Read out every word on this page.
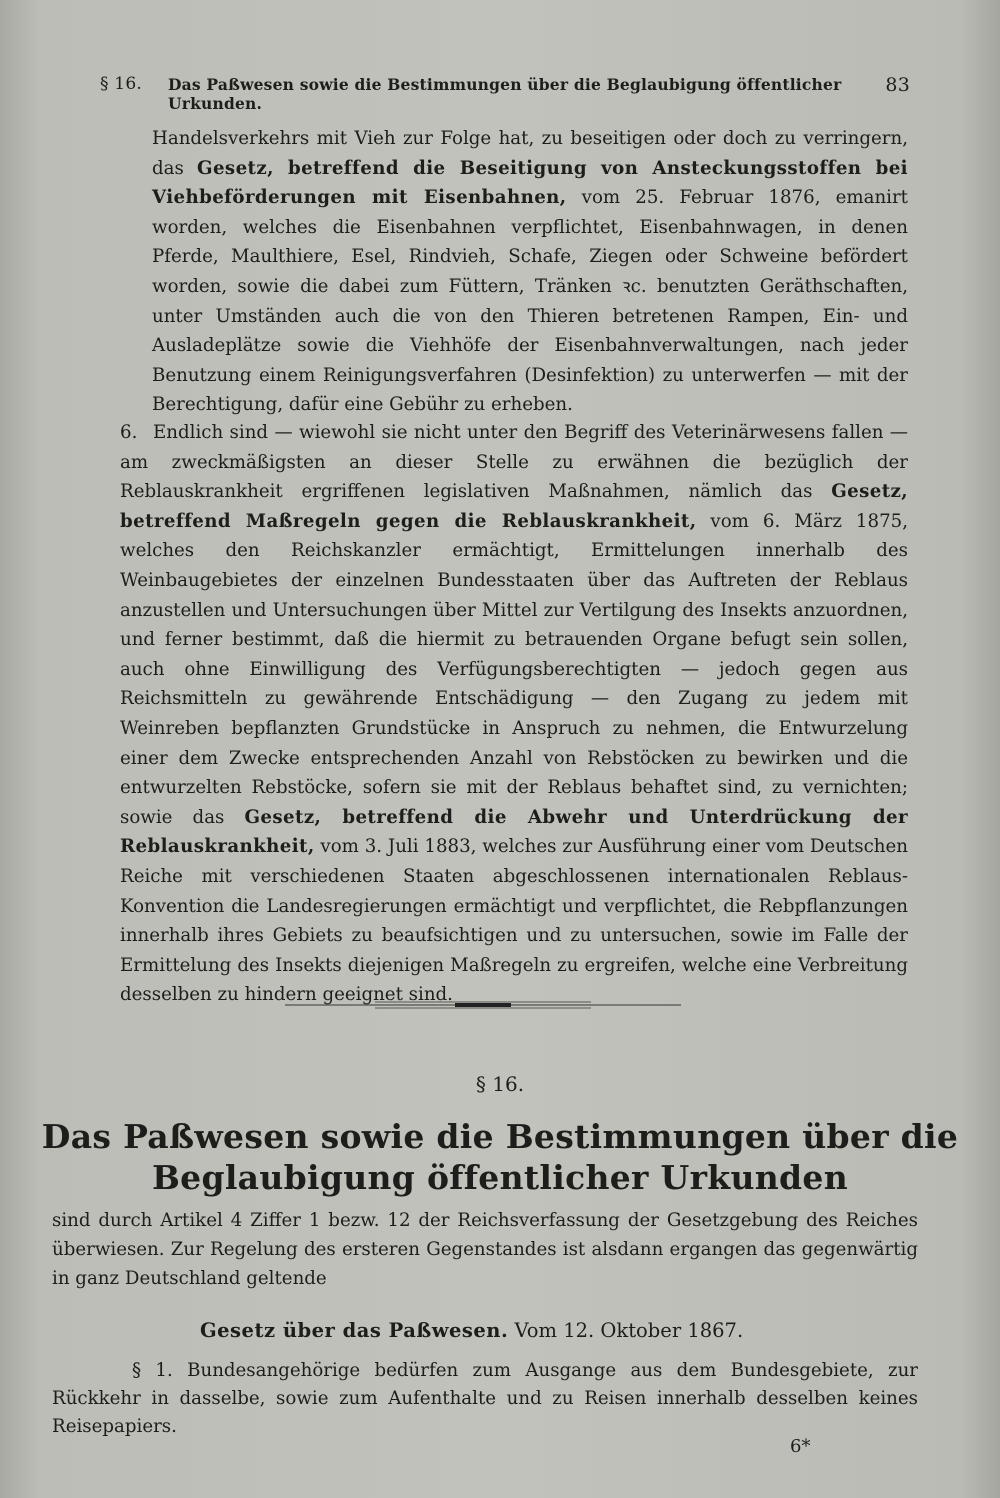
§ 16. Das Paßwesen sowie die Bestimmungen über die Beglaubigung öffentlicher Urkunden.
83
Handelsverkehrs mit Vieh zur Folge hat, zu beseitigen oder doch zu verringern, das Gesetz, betreffend die Beseitigung von Ansteckungsstoffen bei Viehbeförderungen mit Eisenbahnen, vom 25. Februar 1876, emanirt worden, welches die Eisenbahnen verpflichtet, Eisenbahnwagen, in denen Pferde, Maulthiere, Esel, Rindvieh, Schafe, Ziegen oder Schweine befördert worden, sowie die dabei zum Füttern, Tränken ꝛc. benutzten Geräthschaften, unter Umständen auch die von den Thieren betretenen Rampen, Ein- und Ausladeplätze sowie die Viehhöfe der Eisenbahnverwaltungen, nach jeder Benutzung einem Reinigungsverfahren (Desinfektion) zu unterwerfen — mit der Berechtigung, dafür eine Gebühr zu erheben.
6. Endlich sind — wiewohl sie nicht unter den Begriff des Veterinärwesens fallen — am zweckmäßigsten an dieser Stelle zu erwähnen die bezüglich der Reblauskrankheit ergriffenen legislativen Maßnahmen, nämlich das Gesetz, betreffend Maßregeln gegen die Reblauskrankheit, vom 6. März 1875, welches den Reichskanzler ermächtigt, Ermittelungen innerhalb des Weinbaugebietes der einzelnen Bundesstaaten über das Auftreten der Reblaus anzustellen und Untersuchungen über Mittel zur Vertilgung des Insekts anzuordnen, und ferner bestimmt, daß die hiermit zu betrauenden Organe befugt sein sollen, auch ohne Einwilligung des Verfügungsberechtigten — jedoch gegen aus Reichsmitteln zu gewährende Entschädigung — den Zugang zu jedem mit Weinreben bepflanzten Grundstücke in Anspruch zu nehmen, die Entwurzelung einer dem Zwecke entsprechenden Anzahl von Rebstöcken zu bewirken und die entwurzelten Rebstöcke, sofern sie mit der Reblaus behaftet sind, zu vernichten; sowie das Gesetz, betreffend die Abwehr und Unterdrückung der Reblauskrankheit, vom 3. Juli 1883, welches zur Ausführung einer vom Deutschen Reiche mit verschiedenen Staaten abgeschlossenen internationalen Reblaus-Konvention die Landesregierungen ermächtigt und verpflichtet, die Rebpflanzungen innerhalb ihres Gebiets zu beaufsichtigen und zu untersuchen, sowie im Falle der Ermittelung des Insekts diejenigen Maßregeln zu ergreifen, welche eine Verbreitung desselben zu hindern geeignet sind.
§ 16.
Das Paßwesen sowie die Bestimmungen über die Beglaubigung öffentlicher Urkunden
sind durch Artikel 4 Ziffer 1 bezw. 12 der Reichsverfassung der Gesetzgebung des Reiches überwiesen. Zur Regelung des ersteren Gegenstandes ist alsdann ergangen das gegenwärtig in ganz Deutschland geltende
Gesetz über das Paßwesen. Vom 12. Oktober 1867.
§ 1. Bundesangehörige bedürfen zum Ausgange aus dem Bundesgebiete, zur Rückkehr in dasselbe, sowie zum Aufenthalte und zu Reisen innerhalb desselben keines Reisepapiers.
6*
